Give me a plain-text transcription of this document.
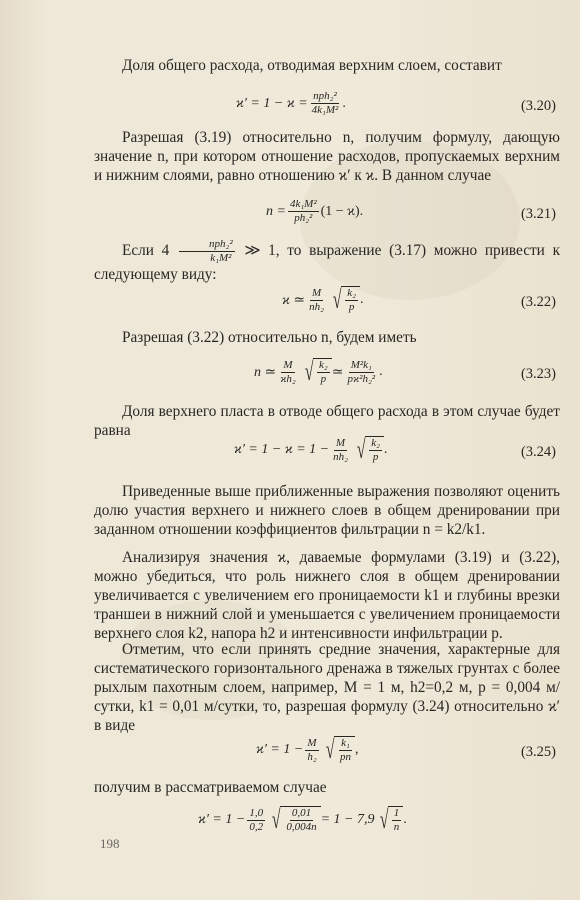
Доля общего расхода, отводимая верхним слоем, составит

$ϰ' = 1 - ϰ = \frac{\text{nph₂²}}{\text{4k₁M²}}$ .	(3.20)

Разрешая (3.19) относительно n, получим формулу, дающую значение n, при котором отношение расходов, пропускаемых верхним и нижним слоями, равно отношению ϰ′ к ϰ. В данном случае

$n = \frac{\text{4k₁M²}}{\text{ph₂²}} (1 - ϰ)$.	(3.21)
Если $4 \frac{\text{nph₂²}}{\text{k₁M²}}$ ≫ 1, то выражение (3.17) можно привести к следующему виду:
ϰ ≃ $\frac{M}{\text{nh₂}}$ √ $\frac{\text{k₂}}{p}$ .	(3.22)

Разрешая (3.22) относительно n, будем иметь

n ≃ $\frac{M}{\text{ϰh₂}}$ √ $\frac{\text{k₂}}{p}$ ≃ $\frac{\text{M²k₁}}{\text{pϰ²h₂²}}$ .	(3.23)

Доля верхнего пласта в отводе общего расхода в этом случае будет равна

$ϰ' = 1 - ϰ = 1 - \frac{M}{\text{nh₂}}$ √ $\frac{\text{k₂}}{p}$ .	(3.24)

Приведенные выше приближенные выражения позволяют оценить долю участия верхнего и нижнего слоев в общем дренировании при заданном отношении коэффициентов фильтрации n = k2/k1.

Анализируя значения ϰ, даваемые формулами (3.19) и (3.22), можно убедиться, что роль нижнего слоя в общем дренировании увеличивается с увеличением его проницаемости k1 и глубины врезки траншеи в нижний слой и уменьшается с увеличением проницаемости верхнего слоя k2, напора h2 и интенсивности инфильтрации p.

Отметим, что если принять средние значения, характерные для систематического горизонтального дренажа в тяжелых грунтах с более рыхлым пахотным слоем, например, M = 1 м, h2=0,2 м, p = 0,004 м/сутки, k1 = 0,01 м/сутки, то, разрешая формулу (3.24) относительно ϰ′ в виде

$ϰ' = 1 - \frac{M}{\text{h₂}}$ √ $\frac{\text{k₁}}{pn}$ ,	(3.25)

получим в рассматриваемом случае

$ϰ' = 1 - \frac{1,0}{0,2}$ √ $\frac{0,01}{0,004n} = 1 - 7,9$ √ $\frac{1}{n}$ .
198
